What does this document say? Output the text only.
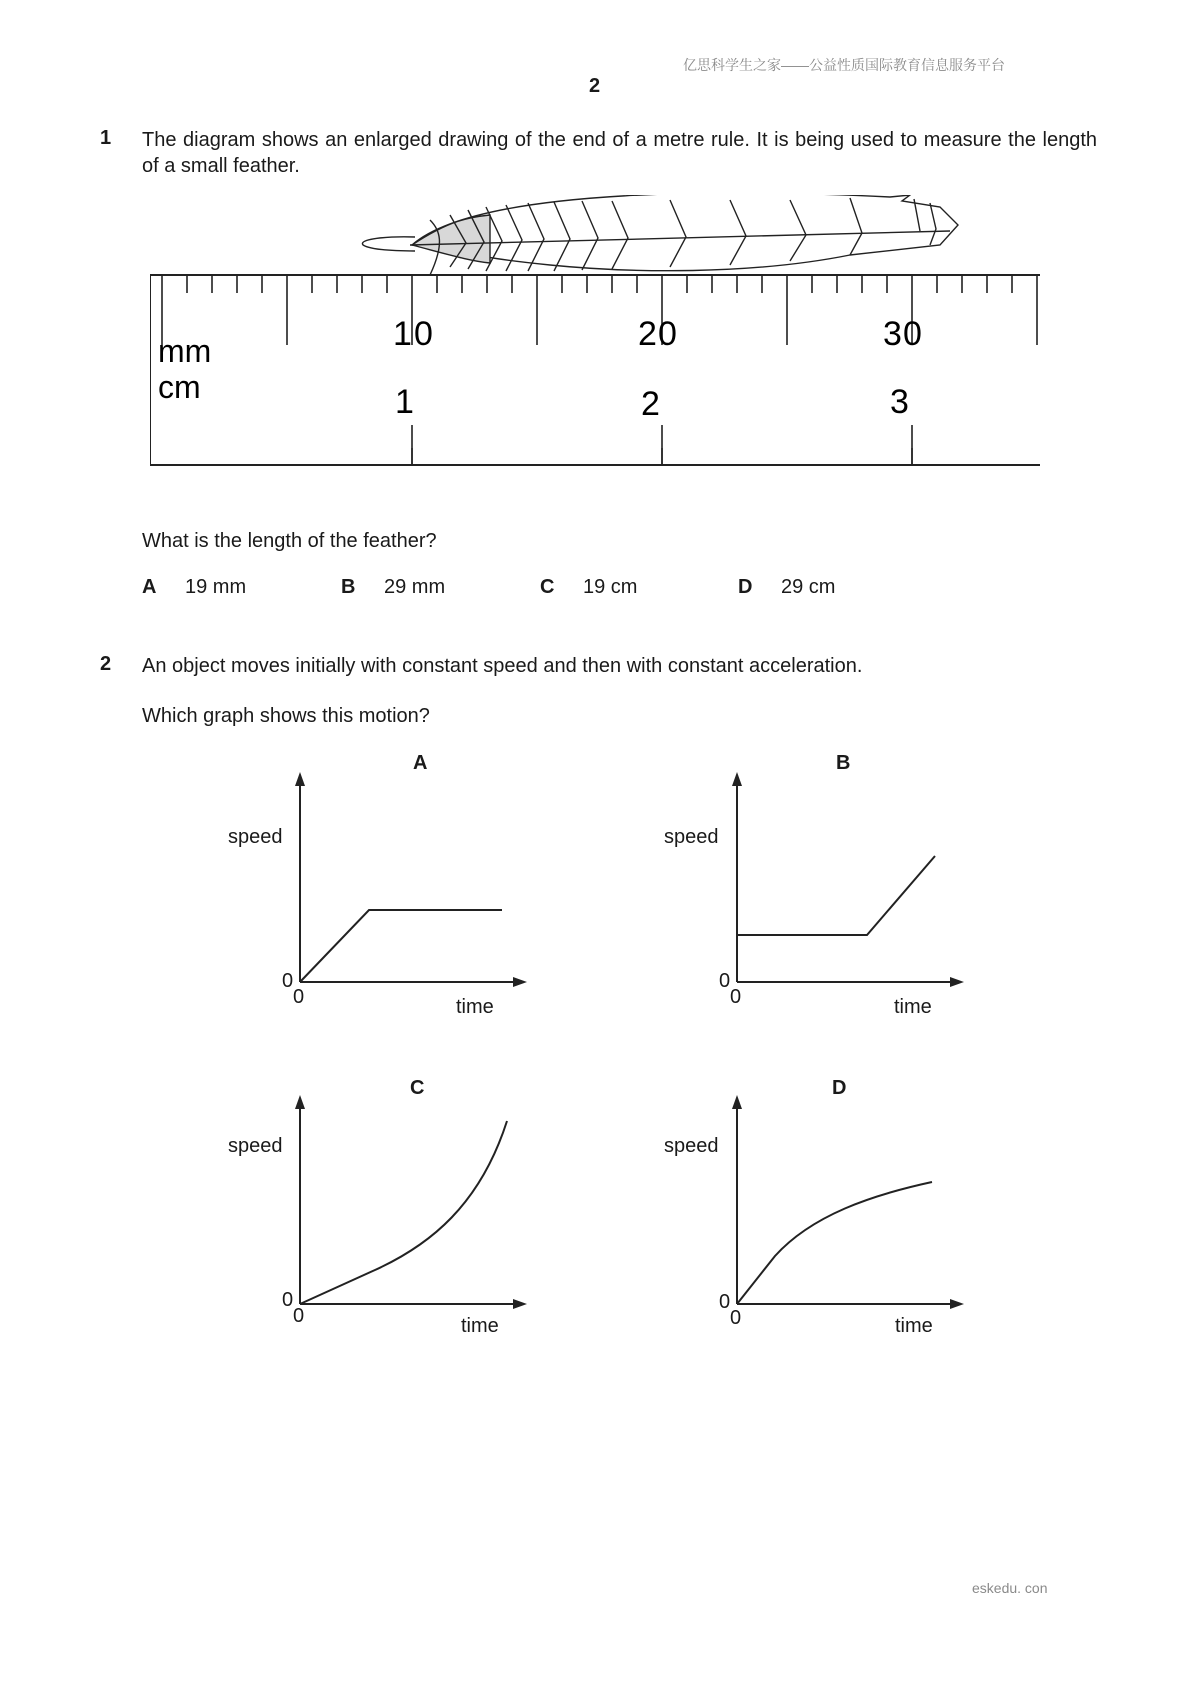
亿思科学生之家——公益性质国际教育信息服务平台
2
1 The diagram shows an enlarged drawing of the end of a metre rule. It is being used to measure the length of a small feather.
mm
cm
1 0	2 0	3 0
1	2	3
What is the length of the feather?
A 19 mm	B 29 mm	C 19 cm	D 29 cm
2 An object moves initially with constant speed and then with constant acceleration.
Which graph shows this motion?
A
speed
time
0
0
B
speed
time
0
0
C
speed
time
0
0
D
speed
time
0
0
eskedu. con
